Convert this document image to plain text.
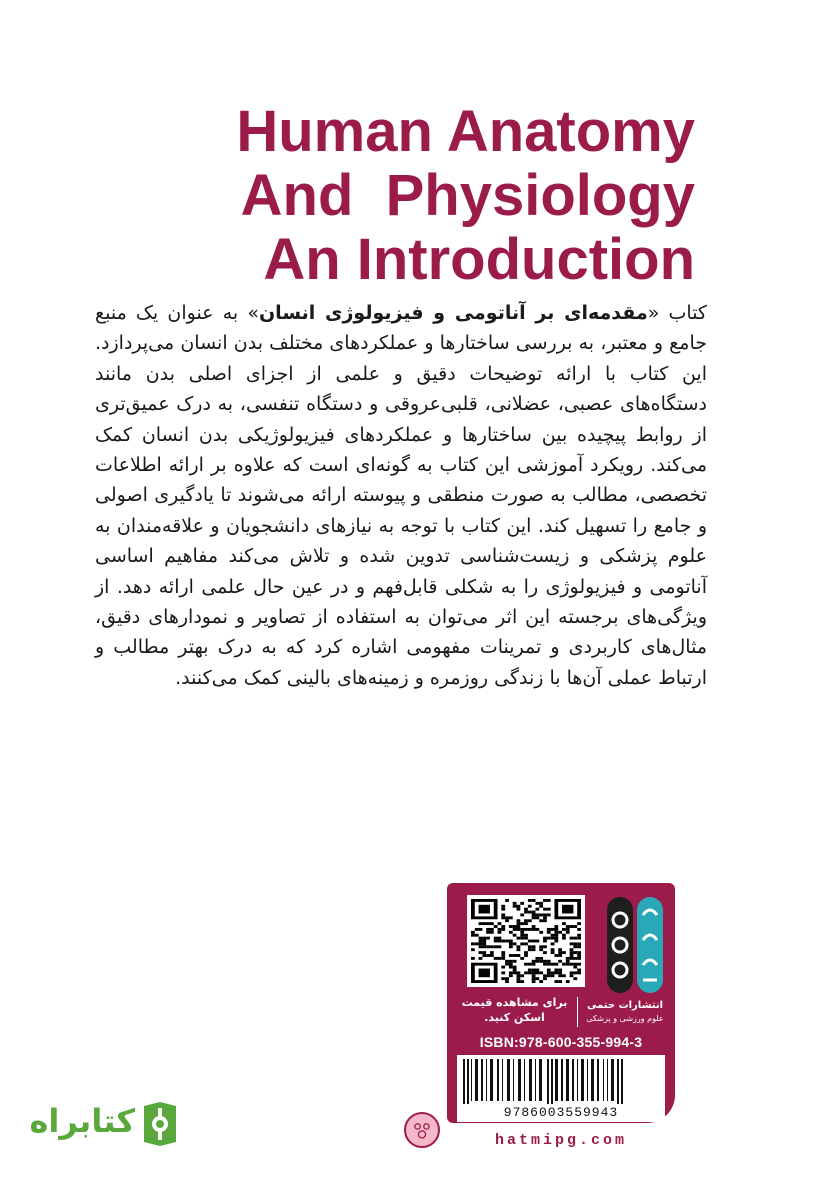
Human Anatomy
And  Physiology
An Introduction
کتاب «مقدمه‌ای بر آناتومی و فیزیولوژی انسان» به عنوان یک منبع جامع و معتبر، به بررسی ساختارها و عملکردهای مختلف بدن انسان می‌پردازد. این کتاب با ارائه توضیحات دقیق و علمی از اجزای اصلی بدن مانند دستگاه‌های عصبی، عضلانی، قلبی‌عروقی و دستگاه تنفسی، به درک عمیق‌تری از روابط پیچیده بین ساختارها و عملکردهای فیزیولوژیکی بدن انسان کمک می‌کند. رویکرد آموزشی این کتاب به گونه‌ای است که علاوه بر ارائه اطلاعات تخصصی، مطالب به صورت منطقی و پیوسته ارائه می‌شوند تا یادگیری اصولی و جامع را تسهیل کند. این کتاب با توجه به نیازهای دانشجویان و علاقه‌مندان به علوم پزشکی و زیست‌شناسی تدوین شده و تلاش می‌کند مفاهیم اساسی آناتومی و فیزیولوژی را به شکلی قابل‌فهم و در عین حال علمی ارائه دهد. از ویژگی‌های برجسته این اثر می‌توان به استفاده از تصاویر و نمودارهای دقیق، مثال‌های کاربردی و تمرینات مفهومی اشاره کرد که به درک بهتر مطالب و ارتباط عملی آن‌ها با زندگی روزمره و زمینه‌های بالینی کمک می‌کنند.
برای مشاهده قیمت
اسکن کنید.
انتشارات حتمی
علوم ورزشی و پزشکی
ISBN:978-600-355-994-3
9786003559943
hatmipg.com
کتابراه
